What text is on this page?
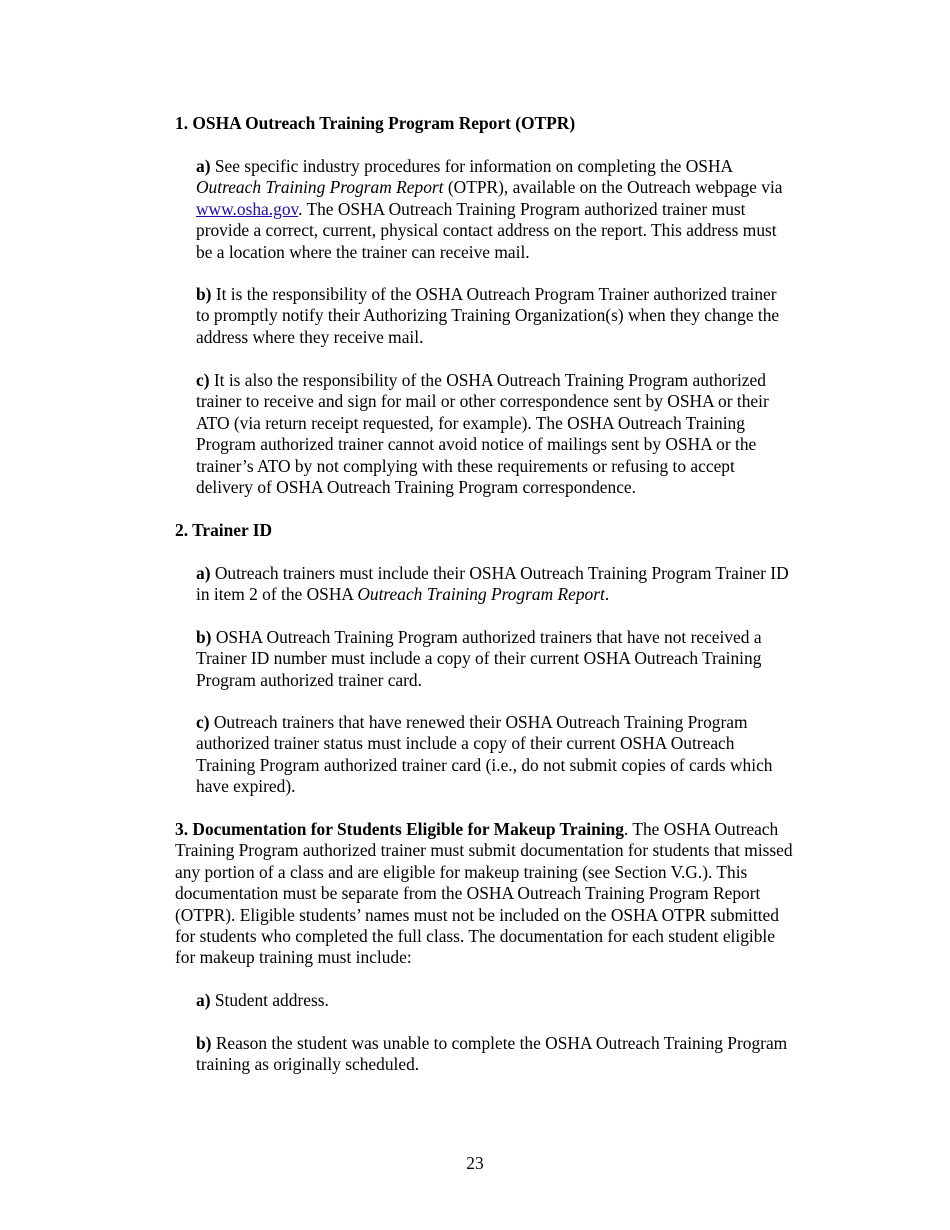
1. OSHA Outreach Training Program Report (OTPR)

a) See specific industry procedures for information on completing the OSHA
Outreach Training Program Report (OTPR), available on the Outreach webpage via
www.osha.gov. The OSHA Outreach Training Program authorized trainer must
provide a correct, current, physical contact address on the report. This address must
be a location where the trainer can receive mail.

b) It is the responsibility of the OSHA Outreach Program Trainer authorized trainer
to promptly notify their Authorizing Training Organization(s) when they change the
address where they receive mail.

c) It is also the responsibility of the OSHA Outreach Training Program authorized
trainer to receive and sign for mail or other correspondence sent by OSHA or their
ATO (via return receipt requested, for example). The OSHA Outreach Training
Program authorized trainer cannot avoid notice of mailings sent by OSHA or the
trainer’s ATO by not complying with these requirements or refusing to accept
delivery of OSHA Outreach Training Program correspondence.

2. Trainer ID

a) Outreach trainers must include their OSHA Outreach Training Program Trainer ID
in item 2 of the OSHA Outreach Training Program Report.

b) OSHA Outreach Training Program authorized trainers that have not received a
Trainer ID number must include a copy of their current OSHA Outreach Training
Program authorized trainer card.

c) Outreach trainers that have renewed their OSHA Outreach Training Program
authorized trainer status must include a copy of their current OSHA Outreach
Training Program authorized trainer card (i.e., do not submit copies of cards which
have expired).

3. Documentation for Students Eligible for Makeup Training. The OSHA Outreach
Training Program authorized trainer must submit documentation for students that missed
any portion of a class and are eligible for makeup training (see Section V.G.). This
documentation must be separate from the OSHA Outreach Training Program Report
(OTPR). Eligible students’ names must not be included on the OSHA OTPR submitted
for students who completed the full class. The documentation for each student eligible
for makeup training must include:

a) Student address.

b) Reason the student was unable to complete the OSHA Outreach Training Program
training as originally scheduled.

23
